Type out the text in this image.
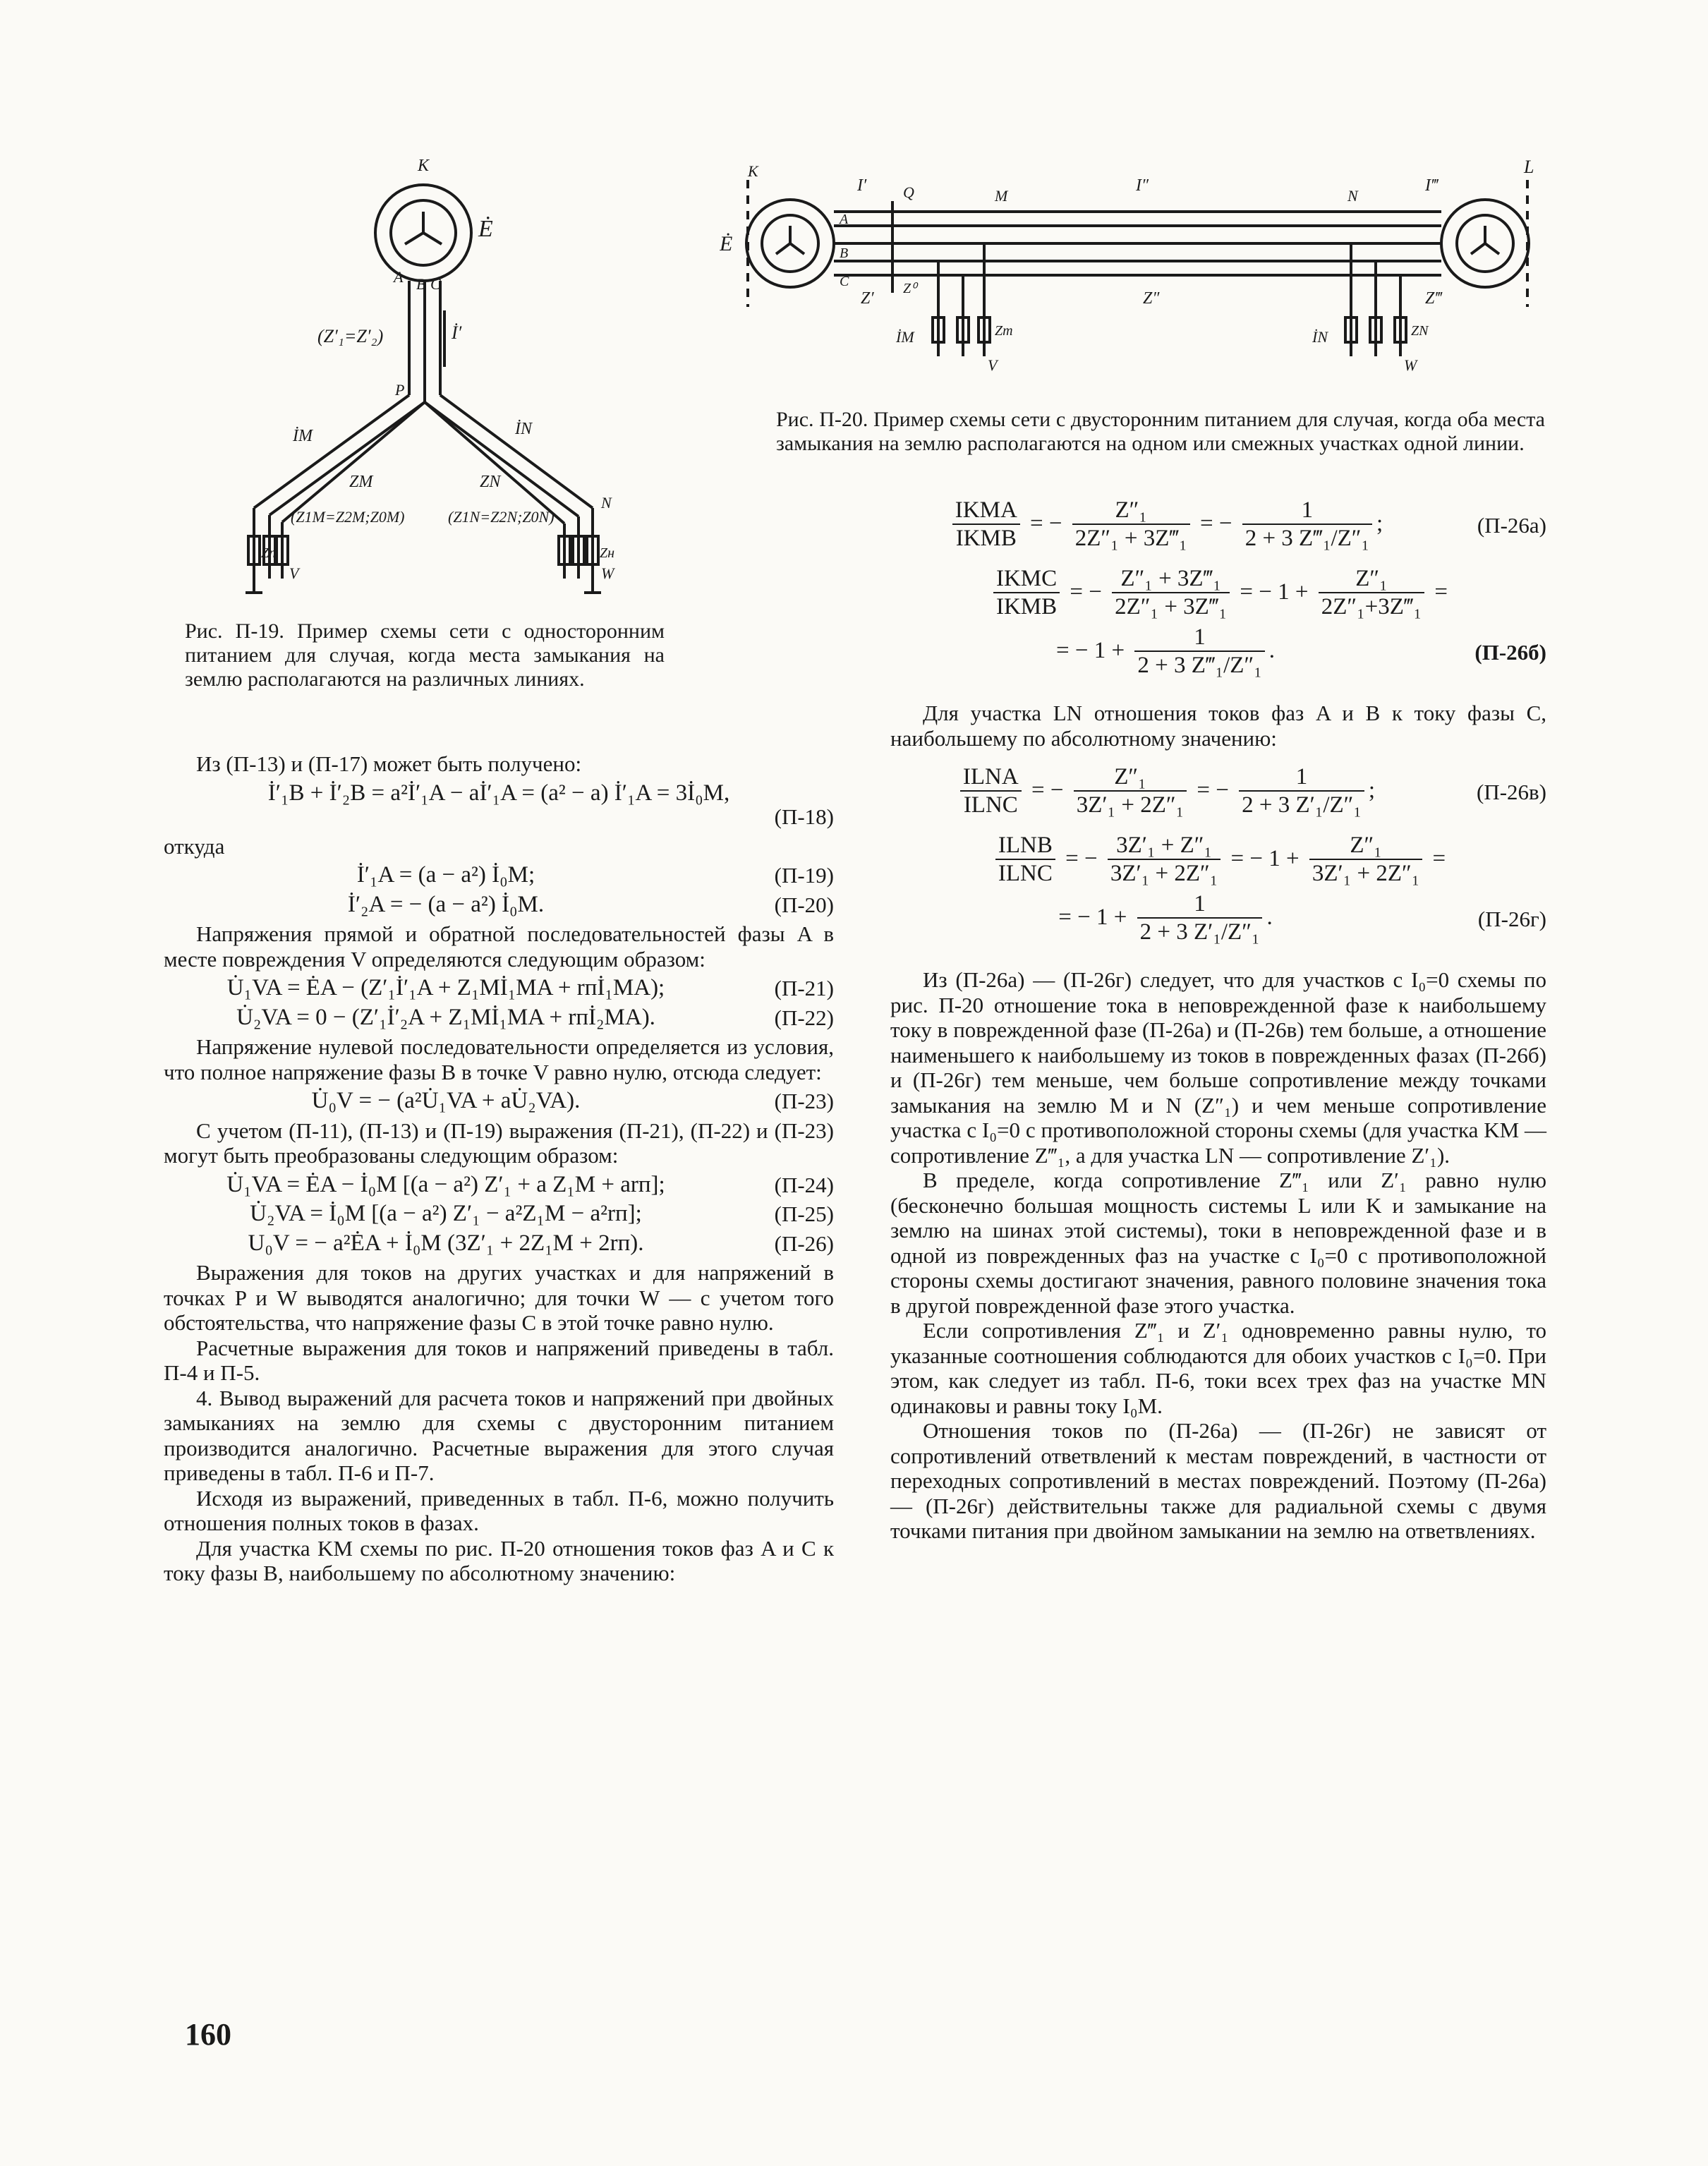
K
Ė
A B C
(Z′₁=Z′₂)	İ′
P
İM	İN
ZM	ZN
(Z1M=Z2M;Z0M)	(Z1N=Z2N;Z0N)
Zп
V
N
Zн
W
Рис. П-19. Пример схемы сети с односторонним питанием для случая, когда места замыкания на землю располагаются на различных линиях.
K	L
Ė
Q	M	N
I′	I″	I‴
A
B
C
Z′	Z″	Z‴
Z⁰
İM	İN
Zm
V
ZN
W
Рис. П-20. Пример схемы сети с двусторонним питанием для случая, когда оба места замыкания на землю располагаются на одном или смежных участках одной линии.

Из (П-13) и (П-17) может быть получено:

İ′₁B + İ′₂B = a²İ′₁A − aİ′₁A = (a² − a) İ′₁A = 3İ₀M,
(П-18)

откуда

İ′₁A = (a − a²) İ₀M;	(П-19)
İ′₂A = − (a − a²) İ₀M.	(П-20)

Напряжения прямой и обратной последовательностей фазы A в месте повреждения V определяются следующим образом:

U̇₁VA = ĖA − (Z′₁İ′₁A + Z₁Mİ₁MA + rпİ₁MA);	(П-21)
U̇₂VA = 0 − (Z′₁İ′₂A + Z₁Mİ₁MA + rпİ₂MA).	(П-22)

Напряжение нулевой последовательности определяется из условия, что полное напряжение фазы B в точке V равно нулю, отсюда следует:

U̇₀V = − (a²U̇₁VA + aU̇₂VA).	(П-23)

С учетом (П-11), (П-13) и (П-19) выражения (П-21), (П-22) и (П-23) могут быть преобразованы следующим образом:

U̇₁VA = ĖA − İ₀M [(a − a²) Z′₁ + a Z₁M + arп];	(П-24)
U̇₂VA = İ₀M [(a − a²) Z′₁ − a²Z₁M − a²rп];	(П-25)
U₀V = − a²ĖA + İ₀M (3Z′₁ + 2Z₁M + 2rп).	(П-26)

Выражения для токов на других участках и для напряжений в точках P и W выводятся аналогично; для точки W — с учетом того обстоятельства, что напряжение фазы C в этой точке равно нулю.

Расчетные выражения для токов и напряжений приведены в табл. П-4 и П-5.

4. Вывод выражений для расчета токов и напряжений при двойных замыканиях на землю для схемы с двусторонним питанием производится аналогично. Расчетные выражения для этого случая приведены в табл. П-6 и П-7.

Исходя из выражений, приведенных в табл. П-6, можно получить отношения полных токов в фазах.

Для участка KM схемы по рис. П-20 отношения токов фаз A и C к току фазы B, наибольшему по абсолютному значению:

$\frac{\text{IKMA}}{\text{IKMB}}$ = − $\frac{\text{Z″₁}}{\text{2Z″₁ + 3Z‴₁}}$ = − $\frac{1}{\text{2 + 3 Z‴₁/Z″₁}}$ ;	(П-26а)
$\frac{\text{IKMC}}{\text{IKMB}}$ = − $\frac{\text{Z″₁ + 3Z‴₁}}{\text{2Z″₁ + 3Z‴₁}}$ = − $1 + \frac{\text{Z″₁}}{\text{2Z″₁+3Z‴₁}}$ =
= − $1 + \frac{1}{\text{2 + 3 Z‴₁/Z″₁}}$ .	(П-26б)

Для участка LN отношения токов фаз A и B к току фазы C, наибольшему по абсолютному значению:

$\frac{\text{ILNA}}{\text{ILNC}}$ = − $\frac{\text{Z″₁}}{\text{3Z′₁ + 2Z″₁}}$ = − $\frac{1}{\text{2 + 3 Z′₁/Z″₁}}$ ;	(П-26в)
$\frac{\text{ILNB}}{\text{ILNC}}$ = − $\frac{\text{3Z′₁ + Z″₁}}{\text{3Z′₁ + 2Z″₁}}$ = − $1 + \frac{\text{Z″₁}}{\text{3Z′₁ + 2Z″₁}}$ =
= − $1 + \frac{1}{\text{2 + 3 Z′₁/Z″₁}}$ .	(П-26г)

Из (П-26а) — (П-26г) следует, что для участков с I₀=0 схемы по рис. П-20 отношение тока в неповрежденной фазе к наибольшему току в поврежденной фазе (П-26а) и (П-26в) тем больше, а отношение наименьшего к наибольшему из токов в поврежденных фазах (П-26б) и (П-26г) тем меньше, чем больше сопротивление между точками замыкания на землю M и N (Z″₁) и чем меньше сопротивление участка с I₀=0 с противоположной стороны схемы (для участка KM — сопротивление Z‴₁, а для участка LN — сопротивление Z′₁).

В пределе, когда сопротивление Z‴₁ или Z′₁ равно нулю (бесконечно большая мощность системы L или K и замыкание на землю на шинах этой системы), токи в неповрежденной фазе и в одной из поврежденных фаз на участке с I₀=0 с противоположной стороны схемы достигают значения, равного половине значения тока в другой поврежденной фазе этого участка.

Если сопротивления Z‴₁ и Z′₁ одновременно равны нулю, то указанные соотношения соблюдаются для обоих участков с I₀=0. При этом, как следует из табл. П-6, токи всех трех фаз на участке MN одинаковы и равны току I₀M.

Отношения токов по (П-26а) — (П-26г) не зависят от сопротивлений ответвлений к местам повреждений, в частности от переходных сопротивлений в местах повреждений. Поэтому (П-26а) — (П-26г) действительны также для радиальной схемы с двумя точками питания при двойном замыкании на землю на ответвлениях.

160
